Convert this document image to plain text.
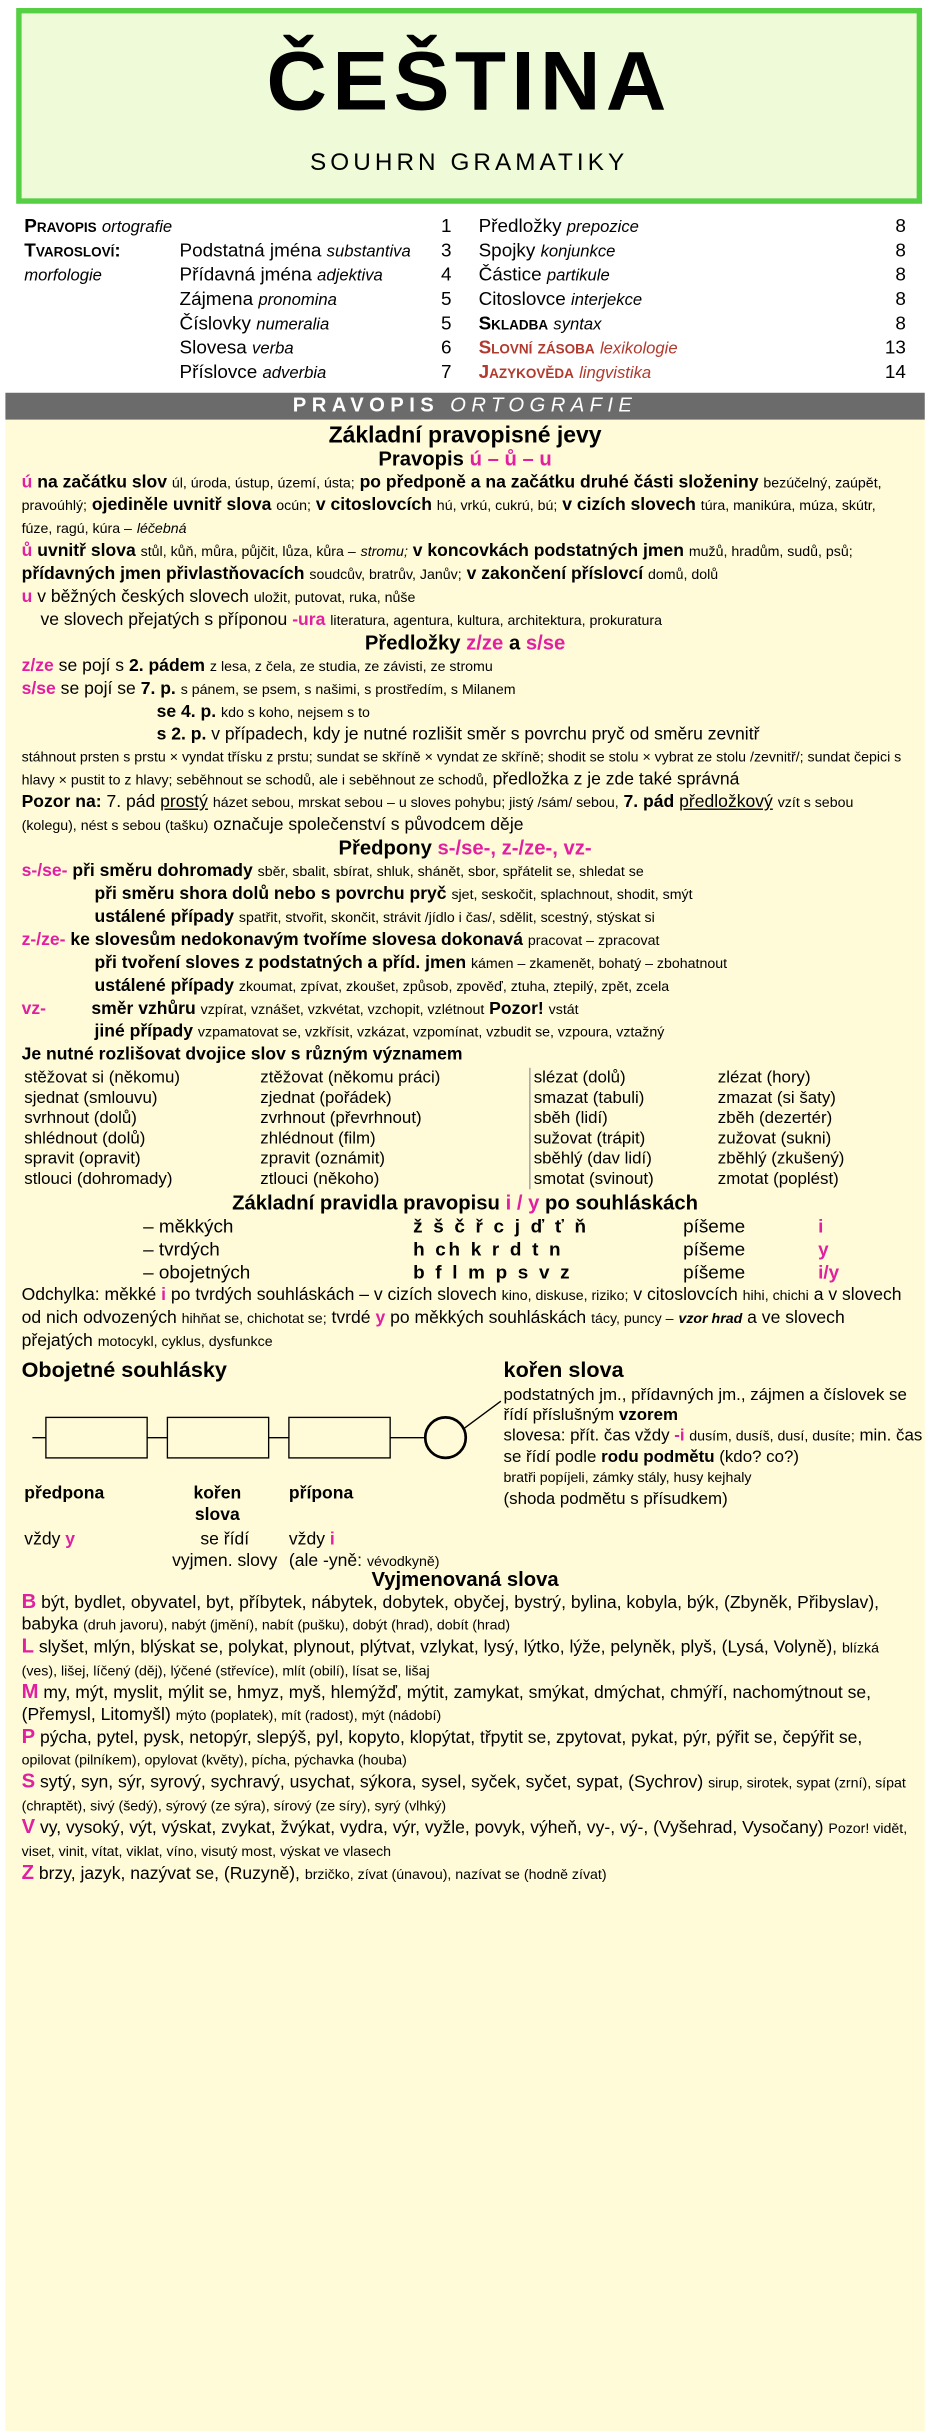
ČEŠTINA
SOUHRN GRAMATIKY
Pravopis ortografie	1
Tvarosloví:	Podstatná jména substantiva	3
morfologie	Přídavná jména adjektiva	4
Zájmena pronomina	5
Číslovky numeralia	5
Slovesa verba	6
Příslovce adverbia	7
Předložky prepozice	8
Spojky konjunkce	8
Částice partikule	8
Citoslovce interjekce	8
Skladba syntax	8
Slovní zásoba lexikologie	13
Jazykověda lingvistika	14
PRAVOPIS ORTOGRAFIE
Základní pravopisné jevy
Pravopis ú – ů – u
ú na začátku slov úl, úroda, ústup, území, ústa; po předponě a na začátku druhé části složeniny bezúčelný, zaúpět, pravoúhlý; ojediněle uvnitř slova ocún; v citoslovcích hú, vrkú, cukrú, bú; v cizích slovech túra, manikúra, múza, skútr, fúze, ragú, kúra – léčebná
ů uvnitř slova stůl, kůň, můra, půjčit, lůza, kůra – stromu; v koncovkách podstatných jmen mužů, hradům, sudů, psů; přídavných jmen přivlastňovacích soudcův, bratrův, Janův; v zakončení příslovcí domů, dolů
u v běžných českých slovech uložit, putovat, ruka, nůše
ve slovech přejatých s příponou -ura literatura, agentura, kultura, architektura, prokuratura
Předložky z/ze a s/se
z/ze se pojí s 2. pádem z lesa, z čela, ze studia, ze závisti, ze stromu
s/se se pojí se 7. p. s pánem, se psem, s našimi, s prostředím, s Milanem
se 4. p. kdo s koho, nejsem s to
s 2. p. v případech, kdy je nutné rozlišit směr s povrchu pryč od směru zevnitř
stáhnout prsten s prstu × vyndat třísku z prstu; sundat se skříně × vyndat ze skříně; shodit se stolu × vybrat ze stolu /zevnitř/; sundat čepici s hlavy × pustit to z hlavy; seběhnout se schodů, ale i seběhnout ze schodů, předložka z je zde také správná
Pozor na: 7. pád prostý házet sebou, mrskat sebou – u sloves pohybu; jistý /sám/ sebou, 7. pád předložkový vzít s sebou (kolegu), nést s sebou (tašku) označuje společenství s původcem děje
Předpony s-/se-, z-/ze-, vz-
s-/se- při směru dohromady sběr, sbalit, sbírat, shluk, shánět, sbor, spřátelit se, shledat se
při směru shora dolů nebo s povrchu pryč sjet, seskočit, splachnout, shodit, smýt
ustálené případy spatřit, stvořit, skončit, strávit /jídlo i čas/, sdělit, scestný, stýskat si
z-/ze- ke slovesům nedokonavým tvoříme slovesa dokonavá pracovat – zpracovat
při tvoření sloves z podstatných a příd. jmen kámen – zkamenět, bohatý – zbohatnout
ustálené případy zkoumat, zpívat, zkoušet, způsob, zpověď, ztuha, ztepilý, zpět, zcela
vz-	směr vzhůru vzpírat, vznášet, vzkvétat, vzchopit, vzlétnout Pozor! vstát
jiné případy vzpamatovat se, vzkřísit, vzkázat, vzpomínat, vzbudit se, vzpoura, vztažný
Je nutné rozlišovat dvojice slov s různým významem
stěžovat si (někomu)	ztěžovat (někomu práci)	slézat (dolů)	zlézat (hory)
sjednat (smlouvu)	zjednat (pořádek)	smazat (tabuli)	zmazat (si šaty)
svrhnout (dolů)	zvrhnout (převrhnout)	sběh (lidí)	zběh (dezertér)
shlédnout (dolů)	zhlédnout (film)	sužovat (trápit)	zužovat (sukni)
spravit (opravit)	zpravit (oznámit)	sběhlý (dav lidí)	zběhlý (zkušený)
stlouci (dohromady)	ztlouci (někoho)	smotat (svinout)	zmotat (poplést)
Základní pravidla pravopisu i / y po souhláskách
– měkkých	ž š č ř c j ď ť ň	píšeme	i
– tvrdých	h ch k r d t n	píšeme	y
– obojetných	b f l m p s v z	píšeme	i/y
Odchylka: měkké i po tvrdých souhláskách – v cizích slovech kino, diskuse, riziko; v citoslovcích hihi, chichi a v slovech od nich odvozených hihňat se, chichotat se; tvrdé y po měkkých souhláskách tácy, puncy – vzor hrad a ve slovech přejatých motocykl, cyklus, dysfunkce
Obojetné souhlásky	kořen slova
podstatných jm., přídavných jm., zájmen a číslovek se řídí příslušným vzorem
slovesa: přít. čas vždy -i dusím, dusíš, dusí, dusíte; min. čas se řídí podle rodu podmětu (kdo? co?)
bratři popíjeli, zámky stály, husy kejhaly
(shoda podmětu s přísudkem)
předpona	kořen slova
přípona
vždy y	se řídí
vyjmen. slovy
vždy i
(ale -yně: vévodkyně)
Vyjmenovaná slova
B být, bydlet, obyvatel, byt, příbytek, nábytek, dobytek, obyčej, bystrý, bylina, kobyla, býk, (Zbyněk, Přibyslav), babyka (druh javoru), nabýt (jmění), nabít (pušku), dobýt (hrad), dobít (hrad)
L slyšet, mlýn, blýskat se, polykat, plynout, plýtvat, vzlykat, lysý, lýtko, lýže, pelyněk, plyš, (Lysá, Volyně), blízká (ves), lišej, líčený (děj), lýčené (střevíce), mlít (obilí), lísat se, lišaj
M my, mýt, myslit, mýlit se, hmyz, myš, hlemýžď, mýtit, zamykat, smýkat, dmýchat, chmýří, nachomýtnout se, (Přemysl, Litomyšl) mýto (poplatek), mít (radost), mýt (nádobí)
P pýcha, pytel, pysk, netopýr, slepýš, pyl, kopyto, klopýtat, třpytit se, zpytovat, pykat, pýr, pýřit se, čepýřit se, opilovat (pilníkem), opylovat (květy), pícha, pýchavka (houba)
S sytý, syn, sýr, syrový, sychravý, usychat, sýkora, sysel, syček, syčet, sypat, (Sychrov) sirup, sirotek, sypat (zrní), sípat (chraptět), sivý (šedý), sýrový (ze sýra), sírový (ze síry), syrý (vlhký)
V vy, vysoký, výt, výskat, zvykat, žvýkat, vydra, výr, vyžle, povyk, výheň, vy-, vý-, (Vyšehrad, Vysočany) Pozor! vidět, viset, vinit, vítat, viklat, víno, visutý most, výskat ve vlasech
Z brzy, jazyk, nazývat se, (Ruzyně), brzičko, zívat (únavou), nazívat se (hodně zívat)
